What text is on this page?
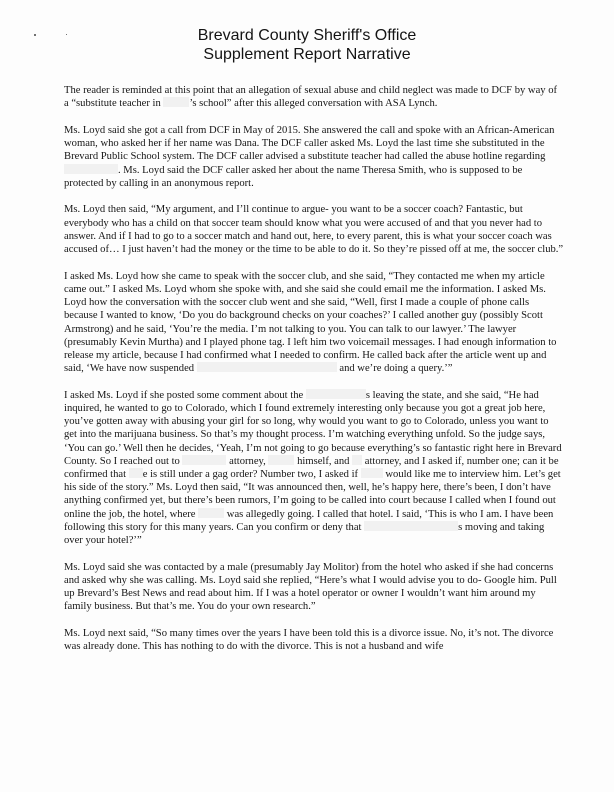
Brevard County Sheriff's Office
Supplement Report Narrative

The reader is reminded at this point that an allegation of sexual abuse and child neglect was made to DCF by way of a “substitute teacher in ’s school” after this alleged conversation with ASA Lynch.

Ms. Loyd said she got a call from DCF in May of 2015. She answered the call and spoke with an African-American woman, who asked her if her name was Dana. The DCF caller asked Ms. Loyd the last time she substituted in the Brevard Public School system. The DCF caller advised a substitute teacher had called the abuse hotline regarding . Ms. Loyd said the DCF caller asked her about the name Theresa Smith, who is supposed to be protected by calling in an anonymous report.

Ms. Loyd then said, “My argument, and I’ll continue to argue- you want to be a soccer coach? Fantastic, but everybody who has a child on that soccer team should know what you were accused of and that you never had to answer. And if I had to go to a soccer match and hand out, here, to every parent, this is what your soccer coach was accused of… I just haven’t had the money or the time to be able to do it. So they’re pissed off at me, the soccer club.”

I asked Ms. Loyd how she came to speak with the soccer club, and she said, “They contacted me when my article came out.” I asked Ms. Loyd whom she spoke with, and she said she could email me the information. I asked Ms. Loyd how the conversation with the soccer club went and she said, “Well, first I made a couple of phone calls because I wanted to know, ‘Do you do background checks on your coaches?’ I called another guy (possibly Scott Armstrong) and he said, ‘You’re the media. I’m not talking to you. You can talk to our lawyer.’ The lawyer (presumably Kevin Murtha) and I played phone tag. I left him two voicemail messages. I had enough information to release my article, because I had confirmed what I needed to confirm. He called back after the article went up and said, ‘We have now suspended	and we’re doing a query.’”

I asked Ms. Loyd if she posted some comment about the	s leaving the state, and she said, “He had inquired, he wanted to go to Colorado, which I found extremely interesting only because you got a great job here, you’ve gotten away with abusing your girl for so long, why would you want to go to Colorado, unless you want to get into the marijuana business. So that’s my thought process. I’m watching everything unfold. So the judge says, ‘You can go.’ Well then he decides, ‘Yeah, I’m not going to go because everything’s so fantastic right here in Brevard County. So I reached out to	attorney,  himself, and  attorney, and I asked if, number one; can it be confirmed that e is still under a gag order? Number two, I asked if  would like me to interview him. Let’s get his side of the story.” Ms. Loyd then said, “It was announced then, well, he’s happy here, there’s been, I don’t have anything confirmed yet, but there’s been rumors, I’m going to be called into court because I called when I found out online the job, the hotel, where  was allegedly going. I called that hotel. I said, ‘This is who I am. I have been following this story for this many years. Can you confirm or deny that	s moving and taking over your hotel?’”

Ms. Loyd said she was contacted by a male (presumably Jay Molitor) from the hotel who asked if she had concerns and asked why she was calling. Ms. Loyd said she replied, “Here’s what I would advise you to do- Google him. Pull up Brevard’s Best News and read about him. If I was a hotel operator or owner I wouldn’t want him around my family business. But that’s me. You do your own research.”

Ms. Loyd next said, “So many times over the years I have been told this is a divorce issue. No, it’s not. The divorce was already done. This has nothing to do with the divorce. This is not a husband and wife
